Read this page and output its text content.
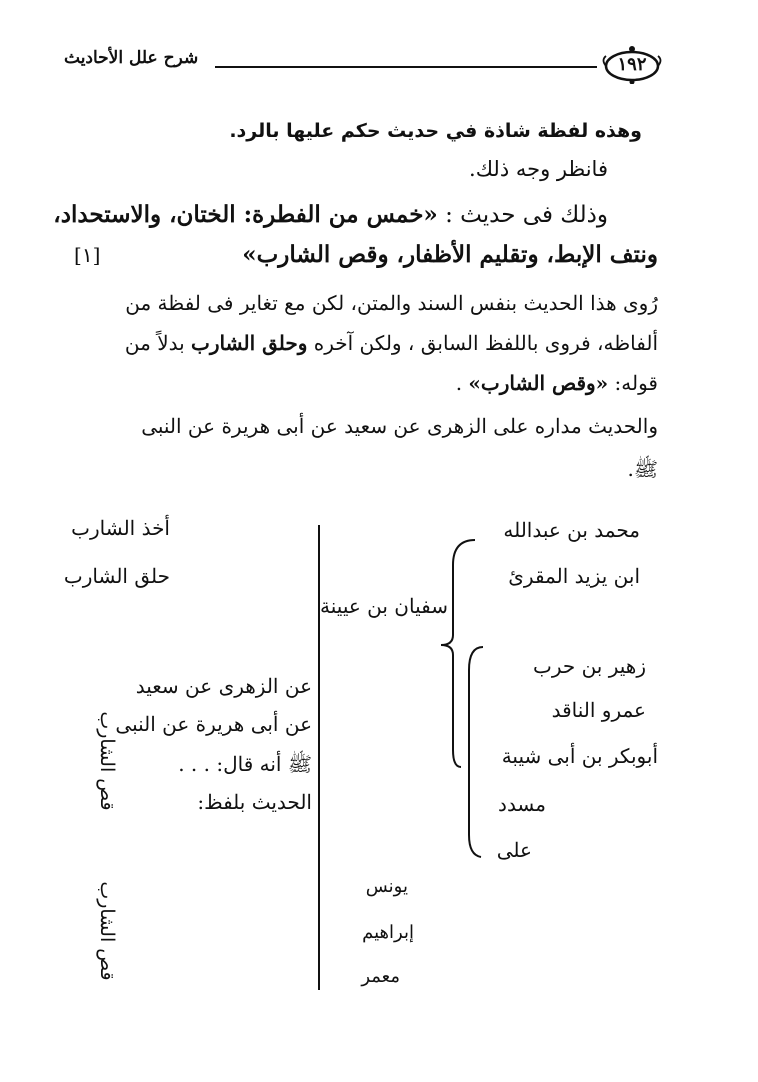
شرح علل الأحاديث	١٩٢
وهذه لفظة شاذة في حديث حكم عليها بالرد.
فانظر وجه ذلك.
وذلك فى حديث : «خمس من الفطرة: الختان، والاستحداد،
ونتف الإبط، وتقليم الأظفار، وقص الشارب»
[١]
رُوى هذا الحديث بنفس السند والمتن، لكن مع تغاير فى لفظة من
ألفاظه، فروى باللفظ السابق ، ولكن آخره وحلق الشارب بدلاً من
قوله: «وقص الشارب» .
والحديث مداره على الزهرى عن سعيد عن أبى هريرة عن النبى
ﷺ.
أخذ الشارب
حلق الشارب
عن الزهرى عن سعيد
عن أبى هريرة عن النبى
ﷺ أنه قال: . . .
الحديث بلفظ:
قص الشارب
قص الشارب
سفيان بن عيينة
محمد بن عبدالله
ابن يزيد المقرئ
زهير بن حرب
عمرو الناقد
أبوبكر بن أبى شيبة
مسدد
على
يونس
إبراهيم
معمر
